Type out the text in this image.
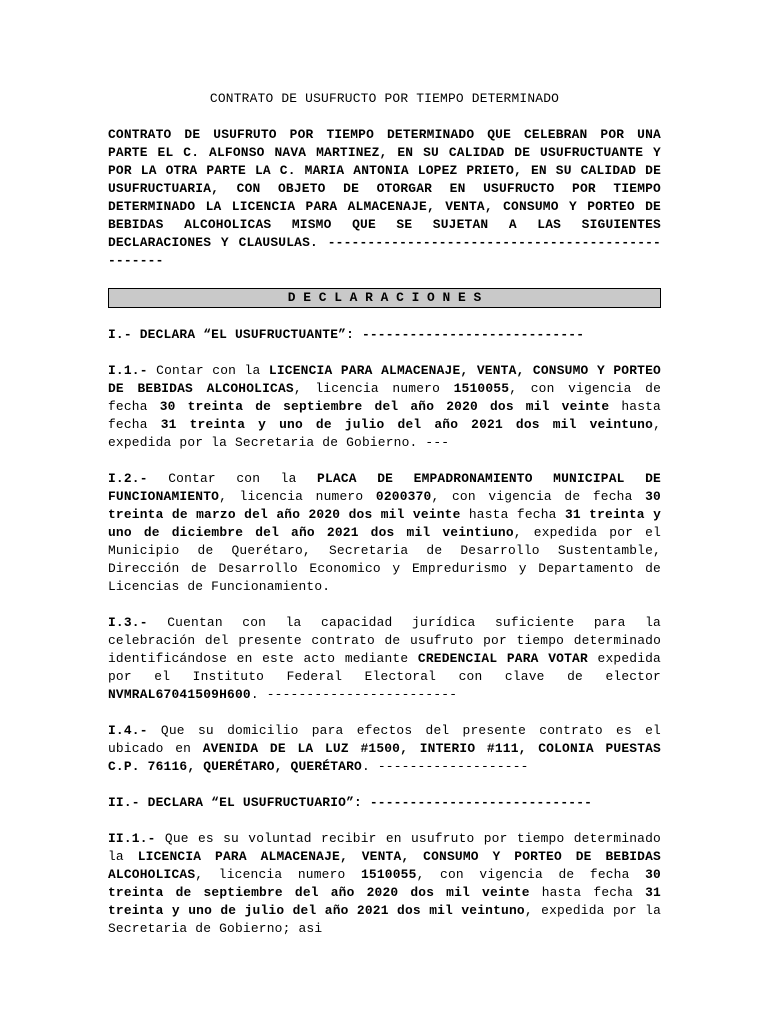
CONTRATO DE USUFRUCTO POR TIEMPO DETERMINADO

CONTRATO DE USUFRUTO POR TIEMPO DETERMINADO QUE CELEBRAN POR UNA PARTE EL C. ALFONSO NAVA MARTINEZ, EN SU CALIDAD DE USUFRUCTUANTE Y POR LA OTRA PARTE LA C. MARIA ANTONIA LOPEZ PRIETO, EN SU CALIDAD DE USUFRUCTUARIA, CON OBJETO DE OTORGAR EN USUFRUCTO POR TIEMPO DETERMINADO LA LICENCIA PARA ALMACENAJE, VENTA, CONSUMO Y PORTEO DE BEBIDAS ALCOHOLICAS MISMO QUE SE SUJETAN A LAS SIGUIENTES DECLARACIONES Y CLAUSULAS. -------------------------------------------------

D E C L A R A C I O N E S

I.- DECLARA “EL USUFRUCTUANTE”: ----------------------------

I.1.- Contar con la LICENCIA PARA ALMACENAJE, VENTA, CONSUMO Y PORTEO DE BEBIDAS ALCOHOLICAS, licencia numero 1510055, con vigencia de fecha 30 treinta de septiembre del año 2020 dos mil veinte hasta fecha 31 treinta y uno de julio del año 2021 dos mil veintuno, expedida por la Secretaria de Gobierno. ---

I.2.- Contar con la PLACA DE EMPADRONAMIENTO MUNICIPAL DE FUNCIONAMIENTO, licencia numero 0200370, con vigencia de fecha 30 treinta de marzo del año 2020 dos mil veinte hasta fecha 31 treinta y uno de diciembre del año 2021 dos mil veintiuno, expedida por el Municipio de Querétaro, Secretaria de Desarrollo Sustentamble, Dirección de Desarrollo Economico y Empredurismo y Departamento de Licencias de Funcionamiento.

I.3.- Cuentan con la capacidad jurídica suficiente para la celebración del presente contrato de usufruto por tiempo determinado identificándose en este acto mediante CREDENCIAL PARA VOTAR expedida por el Instituto Federal Electoral con clave de elector NVMRAL67041509H600. ------------------------

I.4.- Que su domicilio para efectos del presente contrato es el ubicado en AVENIDA DE LA LUZ #1500, INTERIO #111, COLONIA PUESTAS C.P. 76116, QUERÉTARO, QUERÉTARO. -------------------

II.- DECLARA “EL USUFRUCTUARIO”: ----------------------------

II.1.- Que es su voluntad recibir en usufruto por tiempo determinado la LICENCIA PARA ALMACENAJE, VENTA, CONSUMO Y PORTEO DE BEBIDAS ALCOHOLICAS, licencia numero 1510055, con vigencia de fecha 30 treinta de septiembre del año 2020 dos mil veinte hasta fecha 31 treinta y uno de julio del año 2021 dos mil veintuno, expedida por la Secretaria de Gobierno; asi
